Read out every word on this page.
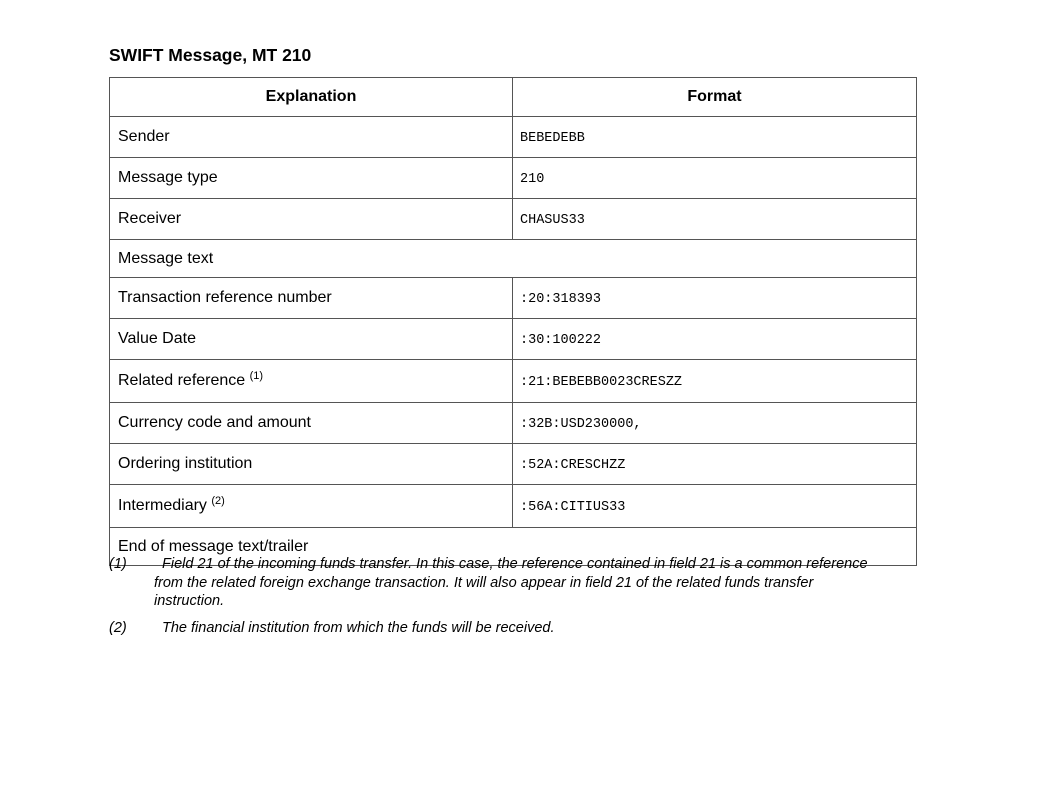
SWIFT Message, MT 210
Explanation	Format
Sender	BEBEDEBB
Message type	210
Receiver	CHASUS33
Message text	
Transaction reference number	:20:318393
Value Date	:30:100222
Related reference $^{(1)}$	:21:BEBEBB0023CRESZZ
Currency code and amount	:32B:USD230000,
Ordering institution	:52A:CRESCHZZ
Intermediary $^{(2)}$	:56A:CITIUS33
End of message text/trailer	
(1)	Field 21 of the incoming funds transfer. In this case, the reference contained in field 21 is a common reference from the related foreign exchange transaction. It will also appear in field 21 of the related funds transfer instruction.
(2) The financial institution from which the funds will be received.
